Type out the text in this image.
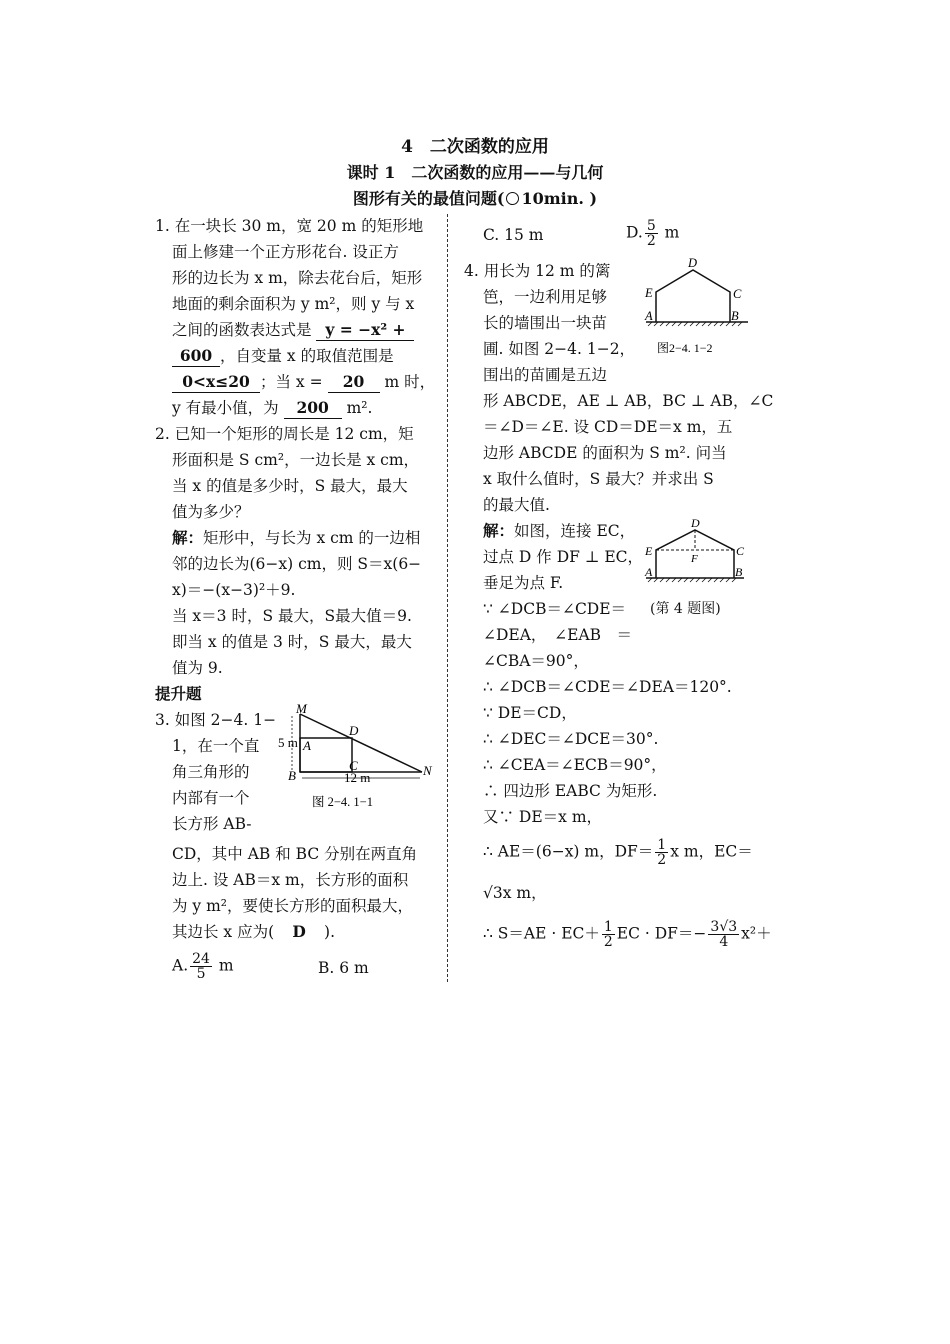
4　二次函数的应用
课时 1　二次函数的应用——与几何
图形有关的最值问题( 10min. )
1. 在一块长 30 m，宽 20 m 的矩形地
面上修建一个正方形花台. 设正方
形的边长为 x m，除去花台后，矩形
地面的剩余面积为 y m²，则 y 与 x
之间的函数表达式是 y = −x² +
600 ，自变量 x 的取值范围是
0<x≤20 ；当 x = 20 m 时，
y 有最小值，为 200 m².
2. 已知一个矩形的周长是 12 cm，矩
形面积是 S cm²，一边长是 x cm，
当 x 的值是多少时，S 最大，最大
值为多少？
解：矩形中，与长为 x cm 的一边相
邻的边长为(6−x) cm，则 S＝x(6−
x)＝−(x−3)²＋9.
当 x＝3 时，S 最大，S最大值＝9.
即当 x 的值是 3 时，S 最大，最大
值为 9.
提升题
3. 如图 2−4. 1−
1，在一个直
角三角形的
内部有一个
长方形 AB-
CD，其中 AB 和 BC 分别在两直角
边上. 设 AB＝x m，长方形的面积
为 y m²，要使长方形的面积最大，
其边长 x 应为( D ).
A. $\frac{24}{5}$ m	B. 6 m
M
D
A
5 m
B
C	N
12 m
图 2−4. 1−1
C. 15 m	D. $\frac{5}{2}$ m
4. 用长为 12 m 的篱
笆，一边利用足够
长的墙围出一块苗
圃. 如图 2−4. 1−2，
围出的苗圃是五边
形 ABCDE，AE ⊥ AB，BC ⊥ AB，∠C
＝∠D＝∠E. 设 CD＝DE＝x m，五
边形 ABCDE 的面积为 S m². 问当
x 取什么值时，S 最大？并求出 S
的最大值.
D
E	C
A	B
图2−4. 1−2
解：如图，连接 EC，
过点 D 作 DF ⊥ EC，
垂足为点 F.
D
E	C
F
A	B
∵ ∠DCB＝∠CDE＝ (第 4 题图)
∠DEA，　∠EAB　＝
∠CBA＝90°，
∴ ∠DCB＝∠CDE＝∠DEA＝120°.
∵ DE＝CD，
∴ ∠DEC＝∠DCE＝30°.
∴ ∠CEA＝∠ECB＝90°，
∴ 四边形 EABC 为矩形.
又∵ DE＝x m，
∴ AE＝(6−x) m，$DF= \frac{1}{2}$ x m，EC＝
√3x m，
∴ $S=AE \cdot EC+ \frac{1}{2}$ EC · $DF=- \frac{3√3}{4} x^2+$
